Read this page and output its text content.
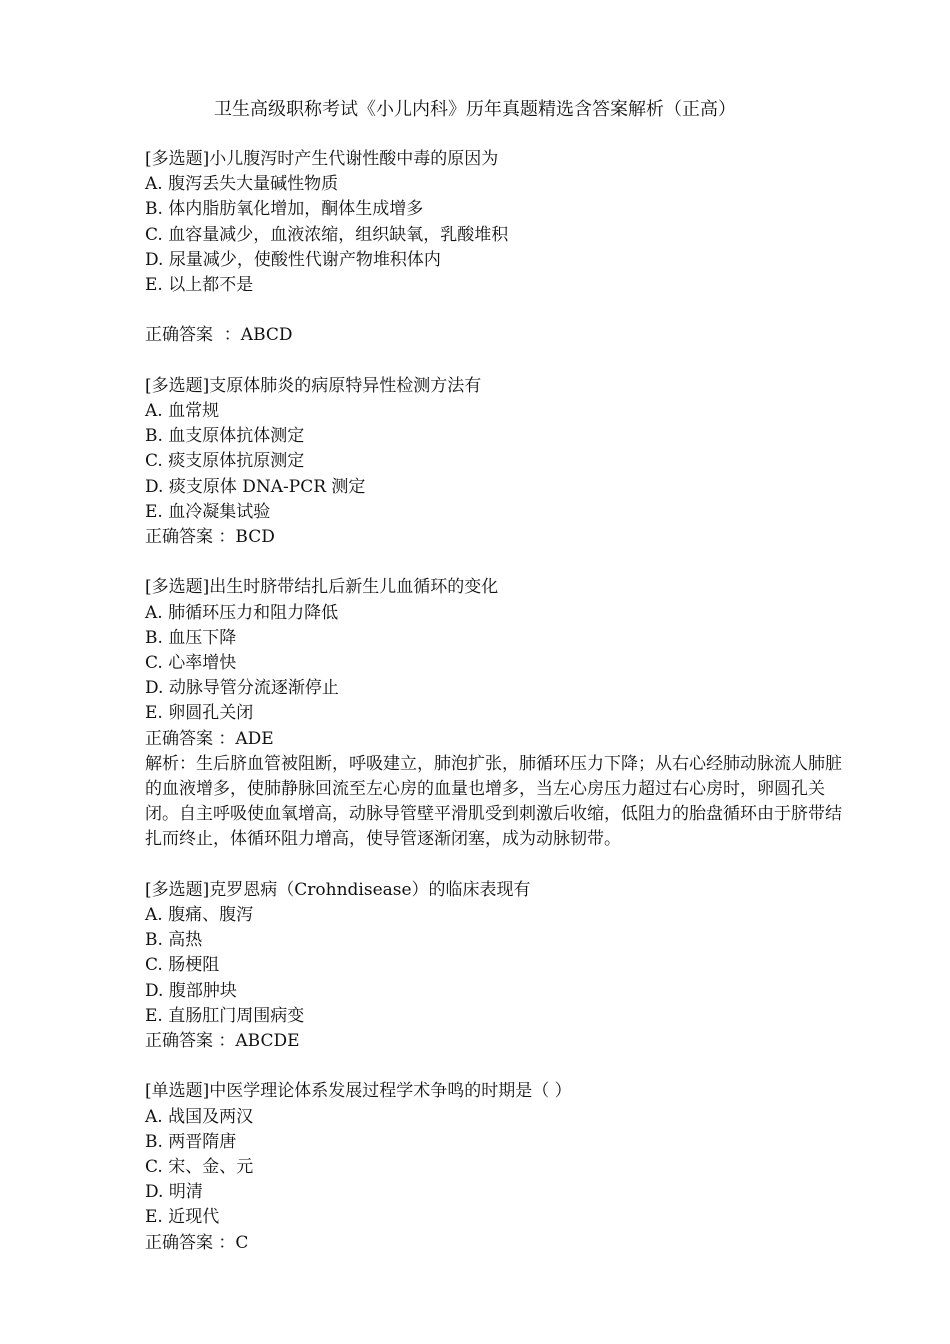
卫生高级职称考试《小儿内科》历年真题精选含答案解析（正高）
[多选题]小儿腹泻时产生代谢性酸中毒的原因为
A. 腹泻丢失大量碱性物质
B. 体内脂肪氧化增加，酮体生成增多
C. 血容量减少，血液浓缩，组织缺氧，乳酸堆积
D. 尿量减少，使酸性代谢产物堆积体内
E. 以上都不是
正确答案  ：ABCD
[多选题]支原体肺炎的病原特异性检测方法有
A. 血常规
B. 血支原体抗体测定
C. 痰支原体抗原测定
D. 痰支原体 DNA-PCR 测定
E. 血冷凝集试验
正确答案 ：BCD
[多选题]出生时脐带结扎后新生儿血循环的变化
A. 肺循环压力和阻力降低
B. 血压下降
C. 心率增快
D. 动脉导管分流逐渐停止
E. 卵圆孔关闭
正确答案 ：ADE
解析：生后脐血管被阻断，呼吸建立，肺泡扩张，肺循环压力下降；从右心经肺动脉流人肺脏的血液增多，使肺静脉回流至左心房的血量也增多，当左心房压力超过右心房时，卵圆孔关闭。自主呼吸使血氧增高，动脉导管壁平滑肌受到刺激后收缩，低阻力的胎盘循环由于脐带结扎而终止，体循环阻力增高，使导管逐渐闭塞，成为动脉韧带。
[多选题]克罗恩病（Crohndisease）的临床表现有
A. 腹痛、腹泻
B. 高热
C. 肠梗阻
D. 腹部肿块
E. 直肠肛门周围病变
正确答案 ：ABCDE
[单选题]中医学理论体系发展过程学术争鸣的时期是（ ）
A. 战国及两汉
B. 两晋隋唐
C. 宋、金、元
D. 明清
E. 近现代
正确答案 ：C
